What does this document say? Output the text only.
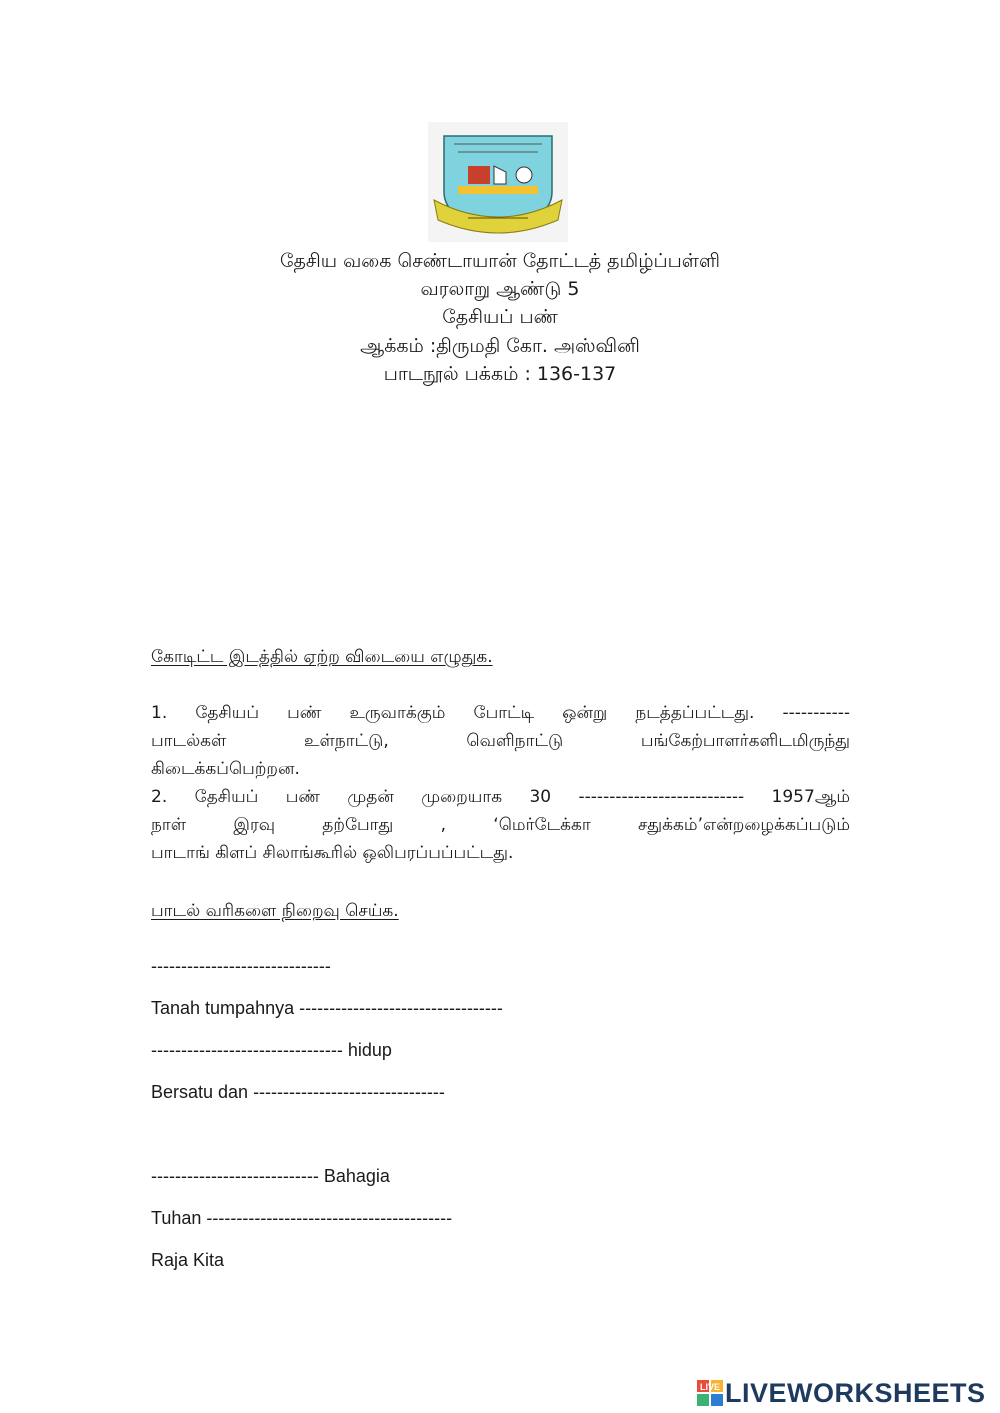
தேசிய வகை செண்டாயான் தோட்டத் தமிழ்ப்பள்ளி
வரலாறு ஆண்டு 5
தேசியப் பண்
ஆக்கம் :திருமதி கோ. அஸ்வினி
பாடநூல் பக்கம் : 136-137
கோடிட்ட இடத்தில் ஏற்ற விடையை எழுதுக.
1. தேசியப் பண் உருவாக்கும் போட்டி ஒன்று நடத்தப்பட்டது. -----------
பாடல்கள் உள்நாட்டு, வெளிநாட்டு பங்கேற்பாளர்களிடமிருந்து
கிடைக்கப்பெற்றன.
2. தேசியப் பண் முதன் முறையாக 30 --------------------------- 1957ஆம்
நாள் இரவு தற்போது , ‘மெர்டேக்கா சதுக்கம்’என்றழைக்கப்படும்
பாடாங் கிளப் சிலாங்கூரில் ஒலிபரப்பப்பட்டது.
பாடல் வரிகளை நிறைவு செய்க.
------------------------------
Tanah tumpahnya ----------------------------------
-------------------------------- hidup
Bersatu dan --------------------------------
---------------------------- Bahagia
Tuhan -----------------------------------------
Raja Kita
LIVE LIVEWORKSHEETS
